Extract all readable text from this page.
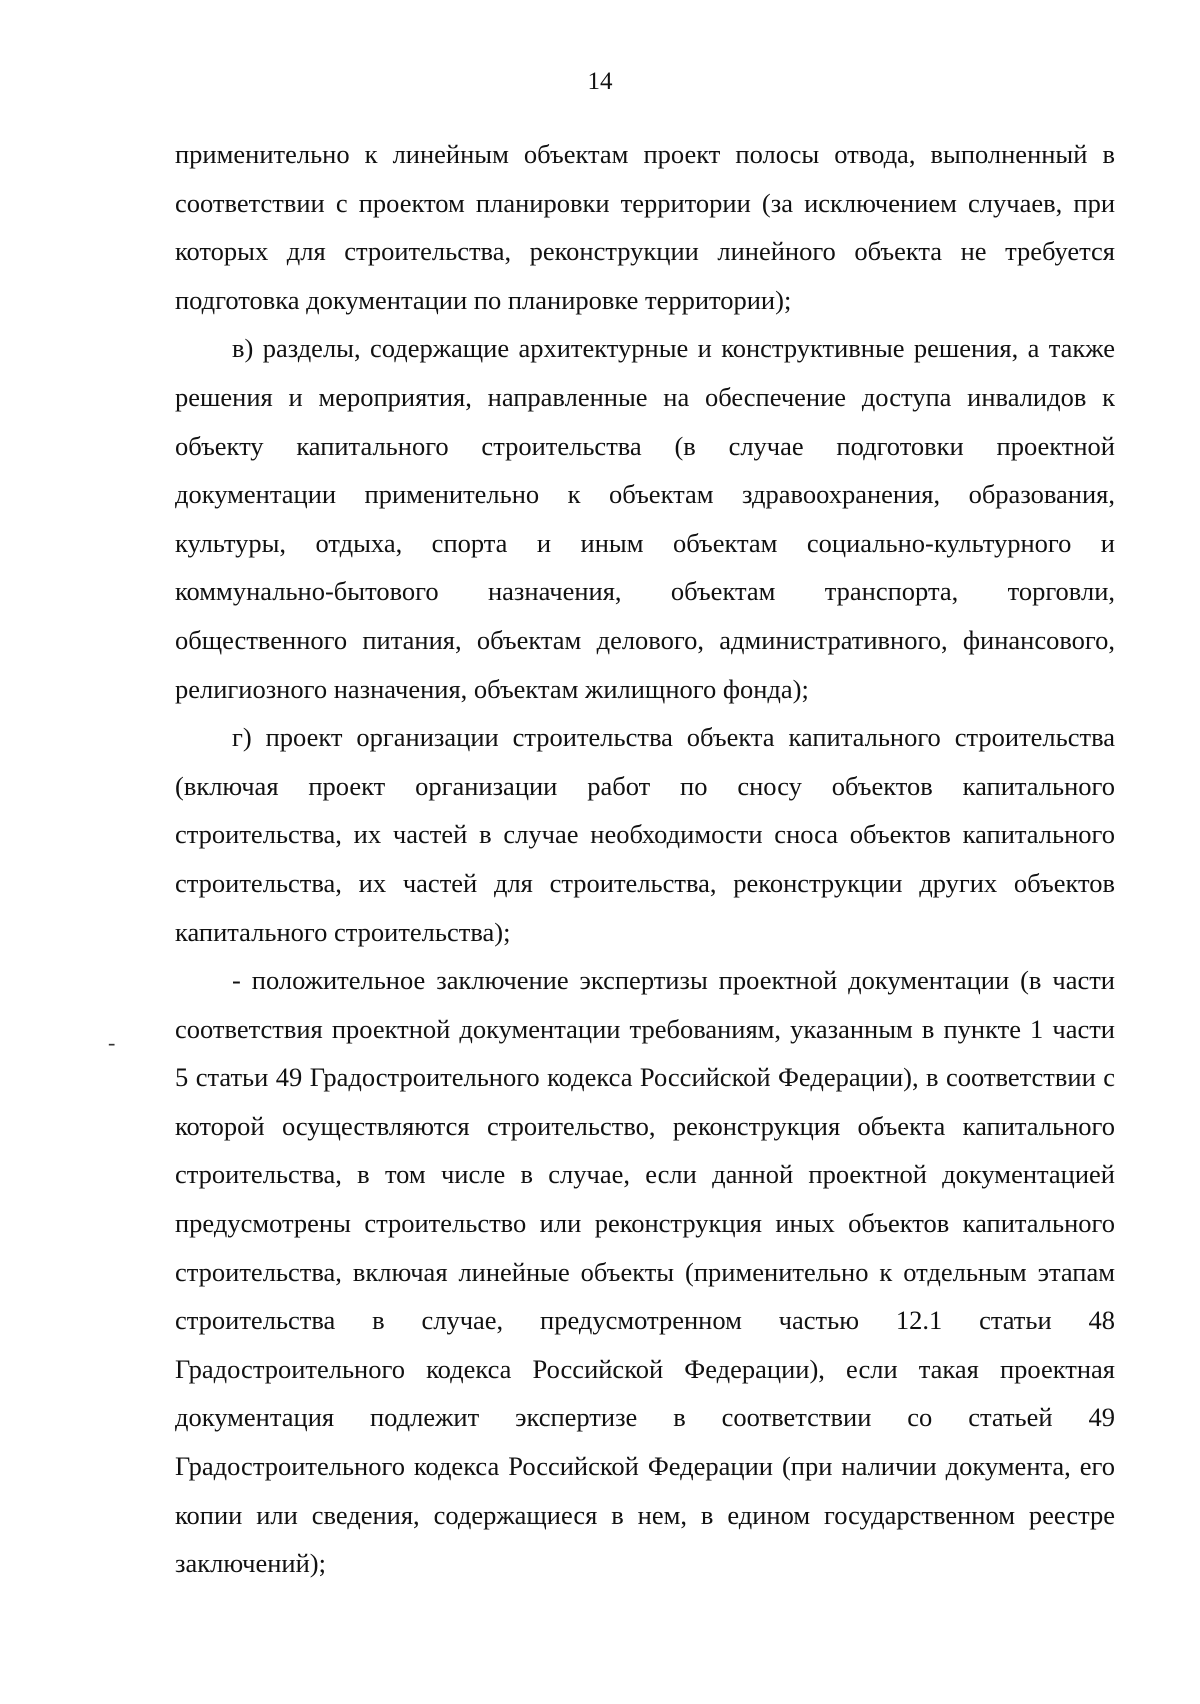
14

применительно к линейным объектам проект полосы отвода, выполненный в соответствии с проектом планировки территории (за исключением случаев, при которых для строительства, реконструкции линейного объекта не требуется подготовка документации по планировке территории);

в) разделы, содержащие архитектурные и конструктивные решения, а также решения и мероприятия, направленные на обеспечение доступа инвалидов к объекту капитального строительства (в случае подготовки проектной документации применительно к объектам здравоохранения, образования, культуры, отдыха, спорта и иным объектам социально-культурного и коммунально-бытового назначения, объектам транспорта, торговли, общественного питания, объектам делового, административного, финансового, религиозного назначения, объектам жилищного фонда);

г) проект организации строительства объекта капитального строительства (включая проект организации работ по сносу объектов капитального строительства, их частей в случае необходимости сноса объектов капитального строительства, их частей для строительства, реконструкции других объектов капитального строительства);

- положительное заключение экспертизы проектной документации (в части соответствия проектной документации требованиям, указанным в пункте 1 части 5 статьи 49 Градостроительного кодекса Российской Федерации), в соответствии с которой осуществляются строительство, реконструкция объекта капитального строительства, в том числе в случае, если данной проектной документацией предусмотрены строительство или реконструкция иных объектов капитального строительства, включая линейные объекты (применительно к отдельным этапам строительства в случае, предусмотренном частью 12.1 статьи 48 Градостроительного кодекса Российской Федерации), если такая проектная документация подлежит экспертизе в соответствии со статьей 49 Градостроительного кодекса Российской Федерации (при наличии документа, его копии или сведения, содержащиеся в нем, в едином государственном реестре заключений);

-
